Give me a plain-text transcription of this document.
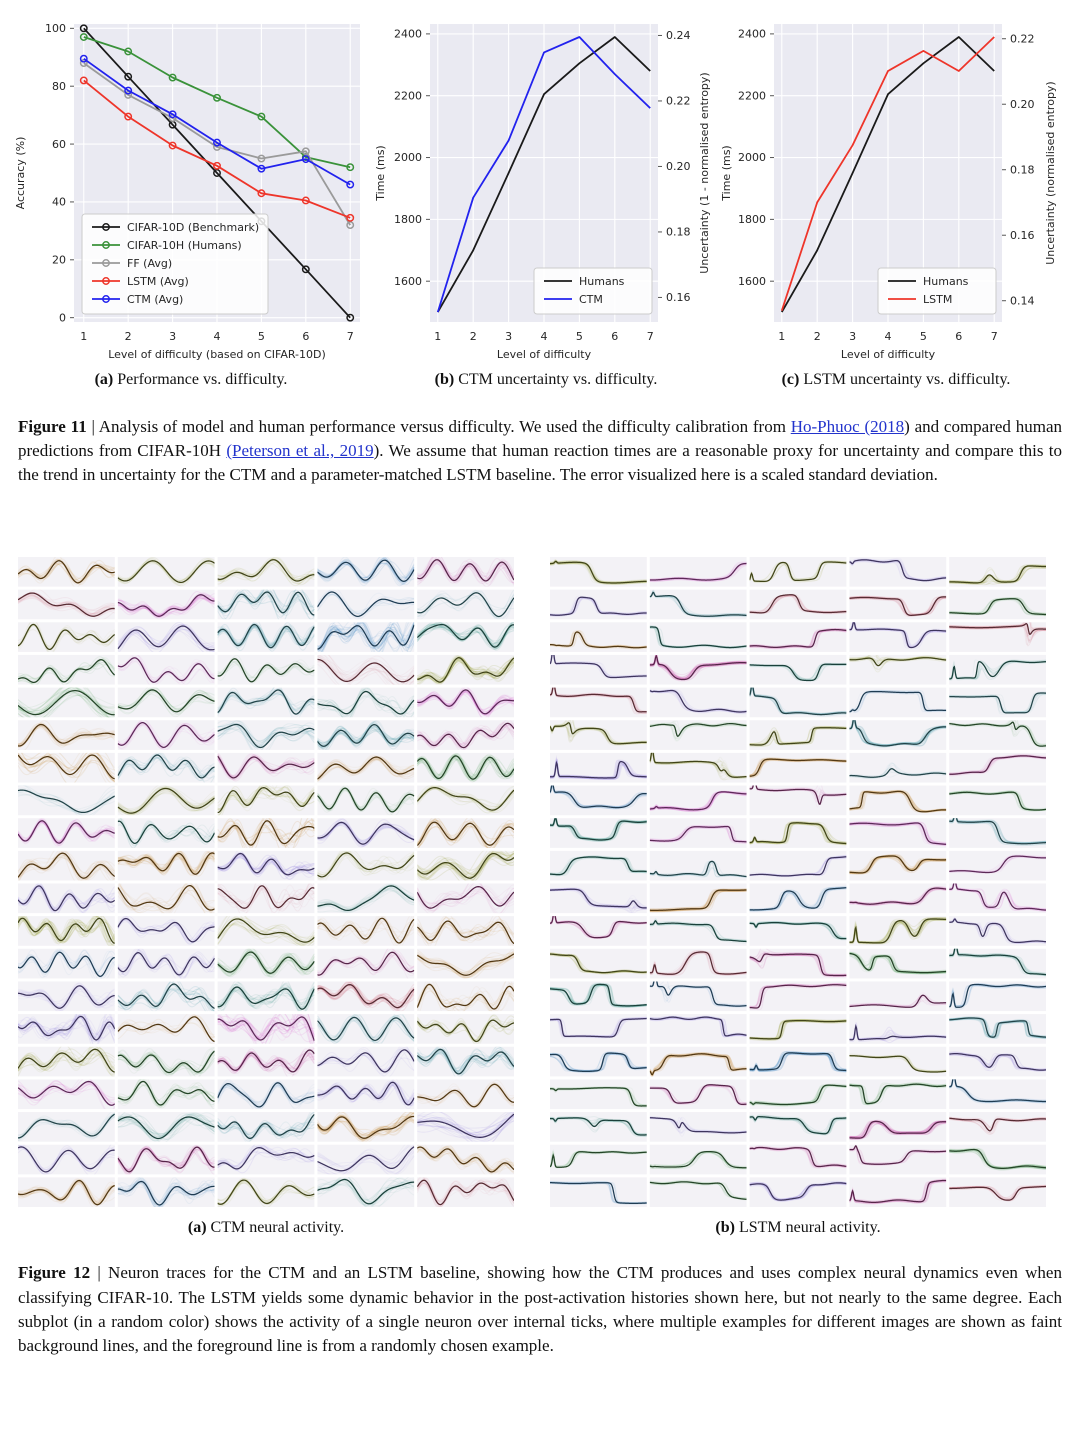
0
20
40
60
80
100
1	2	3	4	5	6	7
Level of difficulty (based on CIFAR-10D)
Accuracy (%)
CIFAR-10D (Benchmark)
CIFAR-10H (Humans)
FF (Avg)
LSTM (Avg)
CTM (Avg)
(a) Performance vs. difficulty.
1600
1800
2000
2200
2400
0.16
0.18
0.20
0.22
0.24
Uncertainty (1 - normalised entropy)
1	2	3	4	5	6	7
Level of difficulty
Time (ms)
Humans
CTM
(b) CTM uncertainty vs. difficulty.
1600
1800
2000
2200
2400
0.14
0.16
0.18
0.20
0.22
Uncertainty (normalised entropy)
1	2	3	4	5	6	7
Level of difficulty
Time (ms)
Humans
LSTM
(c) LSTM uncertainty vs. difficulty.

Figure 11 | Analysis of model and human performance versus difficulty. We used the difficulty calibration from Ho-Phuoc (2018) and compared human predictions from CIFAR-10H (Peterson et al., 2019). We assume that human reaction times are a reasonable proxy for uncertainty and compare this to the trend in uncertainty for the CTM and a parameter-matched LSTM baseline. The error visualized here is a scaled standard deviation.

(a) CTM neural activity.	(b) LSTM neural activity.

Figure 12 | Neuron traces for the CTM and an LSTM baseline, showing how the CTM produces and uses complex neural dynamics even when classifying CIFAR-10. The LSTM yields some dynamic behavior in the post-activation histories shown here, but not nearly to the same degree. Each subplot (in a random color) shows the activity of a single neuron over internal ticks, where multiple examples for different images are shown as faint background lines, and the foreground line is from a randomly chosen example.
